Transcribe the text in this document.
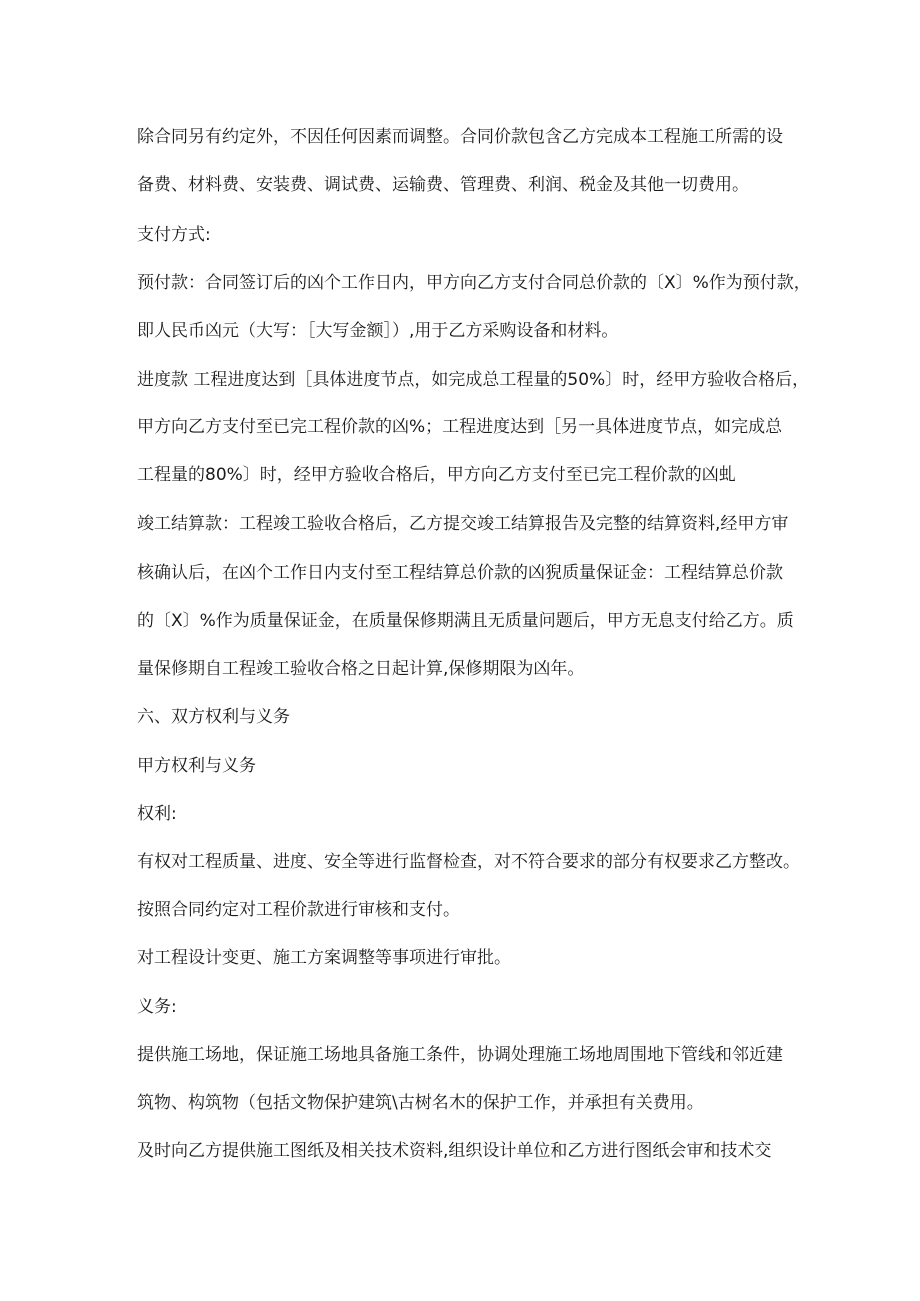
除合同另有约定外，不因任何因素而调整。合同价款包含乙方完成本工程施工所需的设
备费、材料费、安装费、调试费、运输费、管理费、利润、税金及其他一切费用。
支付方式:
预付款：合同签订后的凶个工作日内，甲方向乙方支付合同总价款的〔X〕%作为预付款，
即人民币凶元（大写：［大写金额］）,用于乙方采购设备和材料。
进度款 工程进度达到［具体进度节点，如完成总工程量的50%〕时，经甲方验收合格后，
甲方向乙方支付至已完工程价款的凶%；工程进度达到［另一具体进度节点，如完成总
工程量的80%〕时，经甲方验收合格后，甲方向乙方支付至已完工程价款的凶虬
竣工结算款：工程竣工验收合格后，乙方提交竣工结算报告及完整的结算资料,经甲方审
核确认后，在凶个工作日内支付至工程结算总价款的凶猊质量保证金：工程结算总价款
的〔X〕%作为质量保证金，在质量保修期满且无质量问题后，甲方无息支付给乙方。质
量保修期自工程竣工验收合格之日起计算,保修期限为凶年。
六、双方权利与义务
甲方权利与义务
权利:
有权对工程质量、进度、安全等进行监督检查，对不符合要求的部分有权要求乙方整改。
按照合同约定对工程价款进行审核和支付。
对工程设计变更、施工方案调整等事项进行审批。
义务:
提供施工场地，保证施工场地具备施工条件，协调处理施工场地周围地下管线和邻近建
筑物、构筑物（包括文物保护建筑\古树名木的保护工作，并承担有关费用。
及时向乙方提供施工图纸及相关技术资料,组织设计单位和乙方进行图纸会审和技术交
